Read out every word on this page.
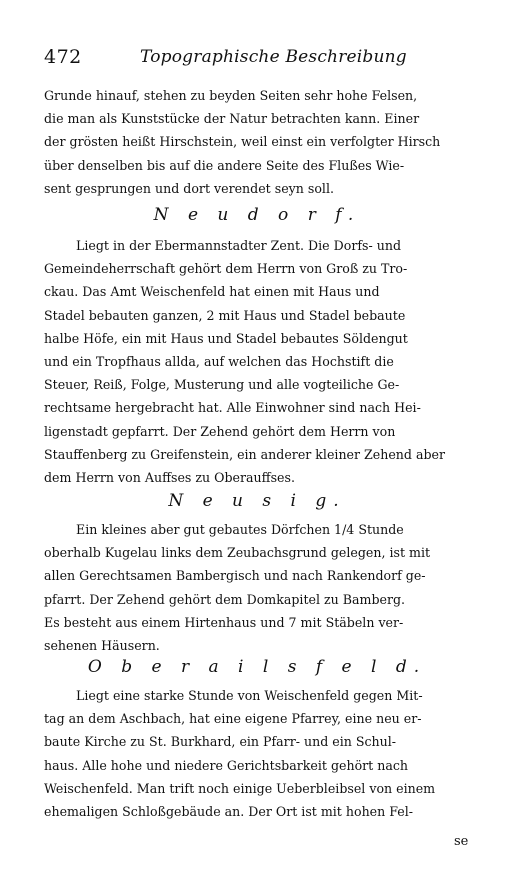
472	Topographische Beschreibung
Grunde hinauf, stehen zu beyden Seiten sehr hohe Felsen,
die man als Kunststücke der Natur betrachten kann. Einer
der grösten heißt Hirschstein, weil einst ein verfolgter Hirsch
über denselben bis auf die andere Seite des Flußes Wie-
sent gesprungen und dort verendet seyn soll.
N e u d o r f.
Liegt in der Ebermannstadter Zent. Die Dorfs- und
Gemeindeherrschaft gehört dem Herrn von Groß zu Tro-
ckau. Das Amt Weischenfeld hat einen mit Haus und
Stadel bebauten ganzen, 2 mit Haus und Stadel bebaute
halbe Höfe, ein mit Haus und Stadel bebautes Söldengut
und ein Tropfhaus allda, auf welchen das Hochstift die
Steuer, Reiß, Folge, Musterung und alle vogteiliche Ge-
rechtsame hergebracht hat. Alle Einwohner sind nach Hei-
ligenstadt gepfarrt. Der Zehend gehört dem Herrn von
Stauffenberg zu Greifenstein, ein anderer kleiner Zehend aber
dem Herrn von Auffses zu Oberauffses.
N e u s i g.
Ein kleines aber gut gebautes Dörfchen 1/4 Stunde
oberhalb Kugelau links dem Zeubachsgrund gelegen, ist mit
allen Gerechtsamen Bambergisch und nach Rankendorf ge-
pfarrt. Der Zehend gehört dem Domkapitel zu Bamberg.
Es besteht aus einem Hirtenhaus und 7 mit Stäbeln ver-
sehenen Häusern.
O b e r a i l s f e l d.
Liegt eine starke Stunde von Weischenfeld gegen Mit-
tag an dem Aschbach, hat eine eigene Pfarrey, eine neu er-
baute Kirche zu St. Burkhard, ein Pfarr- und ein Schul-
haus. Alle hohe und niedere Gerichtsbarkeit gehört nach
Weischenfeld. Man trift noch einige Ueberbleibsel von einem
ehemaligen Schloßgebäude an. Der Ort ist mit hohen Fel-
se
